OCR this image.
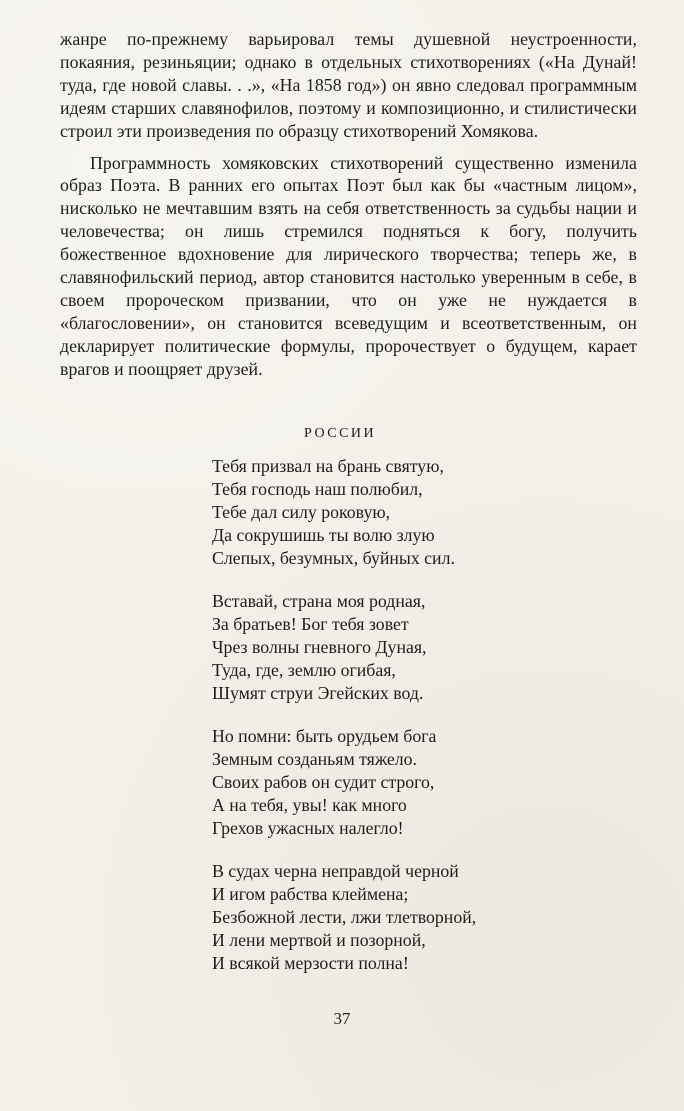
жанре по-прежнему варьировал темы душевной неустроенности, покаяния, резиньяции; однако в отдельных стихотворениях («На Дунай! туда, где новой славы. . .», «На 1858 год») он явно следовал программным идеям старших славянофилов, поэтому и композиционно, и стилистически строил эти произведения по образцу стихотворений Хомякова.

Программность хомяковских стихотворений существенно изменила образ Поэта. В ранних его опытах Поэт был как бы «частным лицом», нисколько не мечтавшим взять на себя ответственность за судьбы нации и человечества; он лишь стремился подняться к богу, получить божественное вдохновение для лирического творчества; теперь же, в славянофильский период, автор становится настолько уверенным в себе, в своем пророческом призвании, что он уже не нуждается в «благословении», он становится всеведущим и всеответственным, он декларирует политические формулы, пророчествует о будущем, карает врагов и поощряет друзей.

РОССИИ
Тебя призвал на брань святую,
Тебя господь наш полюбил,
Тебе дал силу роковую,
Да сокрушишь ты волю злую
Слепых, безумных, буйных сил.
Вставай, страна моя родная,
За братьев! Бог тебя зовет
Чрез волны гневного Дуная,
Туда, где, землю огибая,
Шумят струи Эгейских вод.
Но помни: быть орудьем бога
Земным созданьям тяжело.
Своих рабов он судит строго,
А на тебя, увы! как много
Грехов ужасных налегло!
В судах черна неправдой черной
И игом рабства клеймена;
Безбожной лести, лжи тлетворной,
И лени мертвой и позорной,
И всякой мерзости полна!
37
